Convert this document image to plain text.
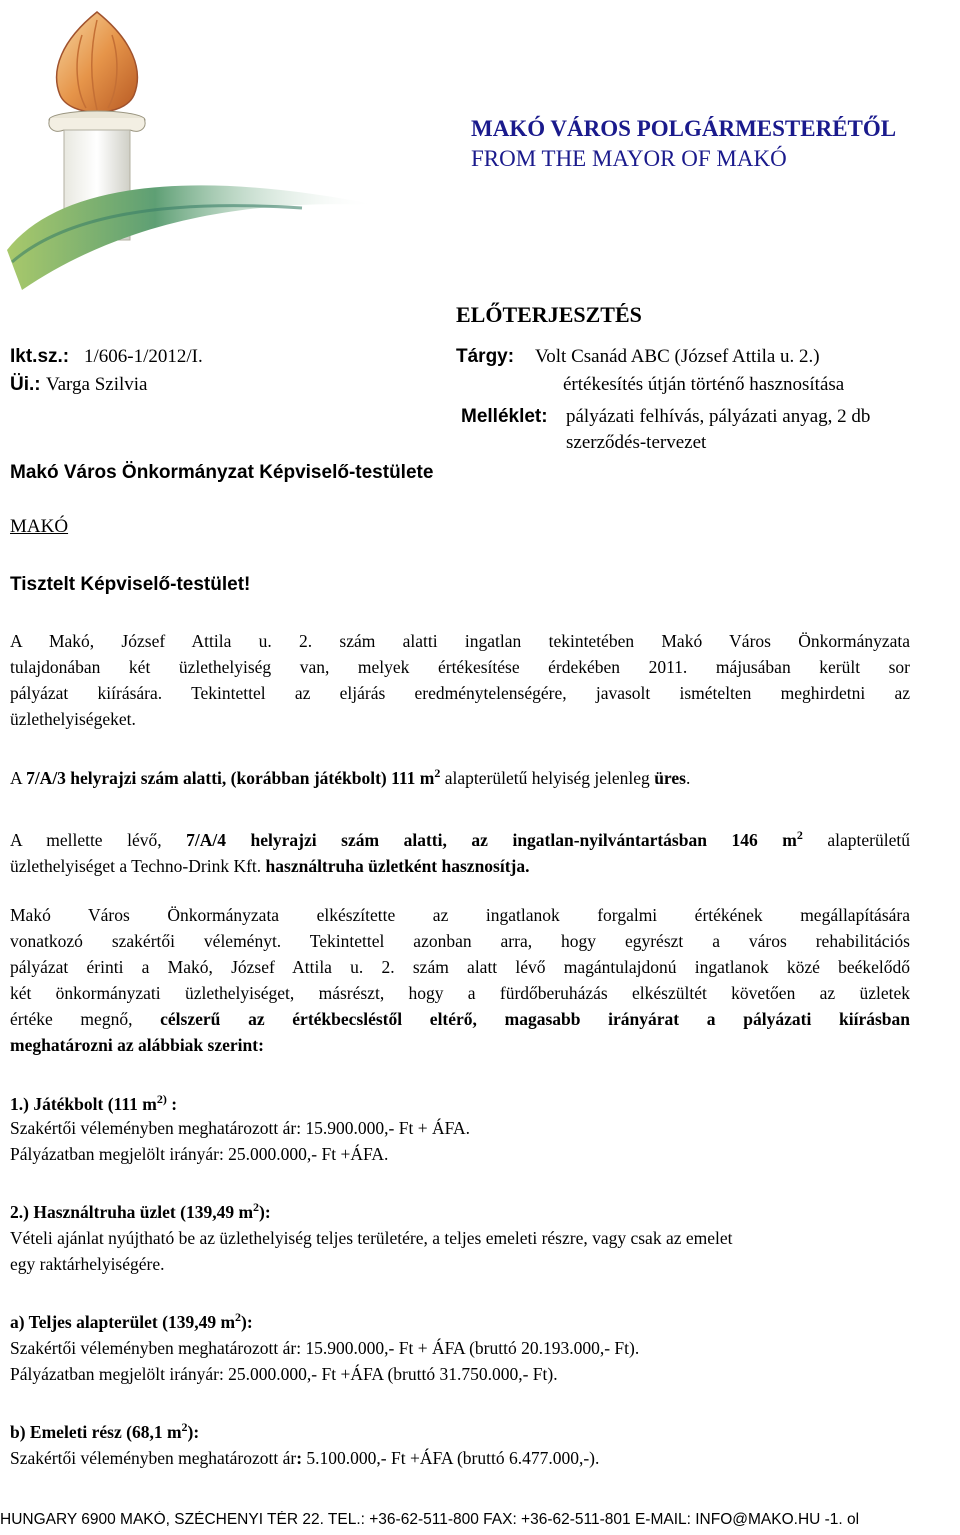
MAKÓ VÁROS POLGÁRMESTERÉTŐL
FROM THE MAYOR OF MAKÓ
ELŐTERJESZTÉS
Ikt.sz.: 1/606-1/2012/I.
Üi.: Varga Szilvia
Tárgy: Volt Csanád ABC (József Attila u. 2.)
értékesítés útján történő hasznosítása
Melléklet: pályázati felhívás, pályázati anyag, 2 db
szerződés-tervezet
Makó Város Önkormányzat Képviselő-testülete
MAKÓ
Tisztelt Képviselő-testület!
A Makó, József Attila u. 2. szám alatti ingatlan tekintetében Makó Város Önkormányzata
tulajdonában két üzlethelyiség van, melyek értékesítése érdekében 2011. májusában került sor
pályázat kiírására. Tekintettel az eljárás eredménytelenségére, javasolt ismételten meghirdetni az
üzlethelyiségeket.
A 7/A/3 helyrajzi szám alatti, (korábban játékbolt) 111 $m^2$ alapterületű helyiség jelenleg üres.
A mellette lévő, 7/A/4 helyrajzi szám alatti, az ingatlan-nyilvántartásban 146 $m^2$ alapterületű
üzlethelyiséget a Techno-Drink Kft. használtruha üzletként hasznosítja.
Makó Város Önkormányzata elkészítette az ingatlanok forgalmi értékének megállapítására
vonatkozó szakértői véleményt. Tekintettel azonban arra, hogy egyrészt a város rehabilitációs
pályázat érinti a Makó, József Attila u. 2. szám alatt lévő magántulajdonú ingatlanok közé beékelődő
két önkormányzati üzlethelyiséget, másrészt, hogy a fürdőberuházás elkészültét követően az üzletek
értéke megnő, célszerű az értékbecsléstől eltérő, magasabb irányárat a pályázati kiírásban
meghatározni az alábbiak szerint:
1.) Játékbolt (111 $m^{2)}$ :
Szakértői véleményben meghatározott ár: 15.900.000,- Ft + ÁFA.
Pályázatban megjelölt irányár: 25.000.000,- Ft +ÁFA.
2.) Használtruha üzlet (139,49 $m^2$):
Vételi ajánlat nyújtható be az üzlethelyiség teljes területére, a teljes emeleti részre, vagy csak az emelet
egy raktárhelyiségére.
a) Teljes alapterület (139,49 $m^2$):
Szakértői véleményben meghatározott ár: 15.900.000,- Ft + ÁFA (bruttó 20.193.000,- Ft).
Pályázatban megjelölt irányár: 25.000.000,- Ft +ÁFA (bruttó 31.750.000,- Ft).
b) Emeleti rész (68,1 $m^2$):
Szakértői véleményben meghatározott ár: 5.100.000,- Ft +ÁFA (bruttó 6.477.000,-).
HUNGARY 6900 MAKÓ, SZÉCHENYI TÉR 22. TEL.: +36-62-511-800 FAX: +36-62-511-801 E-MAIL: INFO@MAKO.HU -1. ol
